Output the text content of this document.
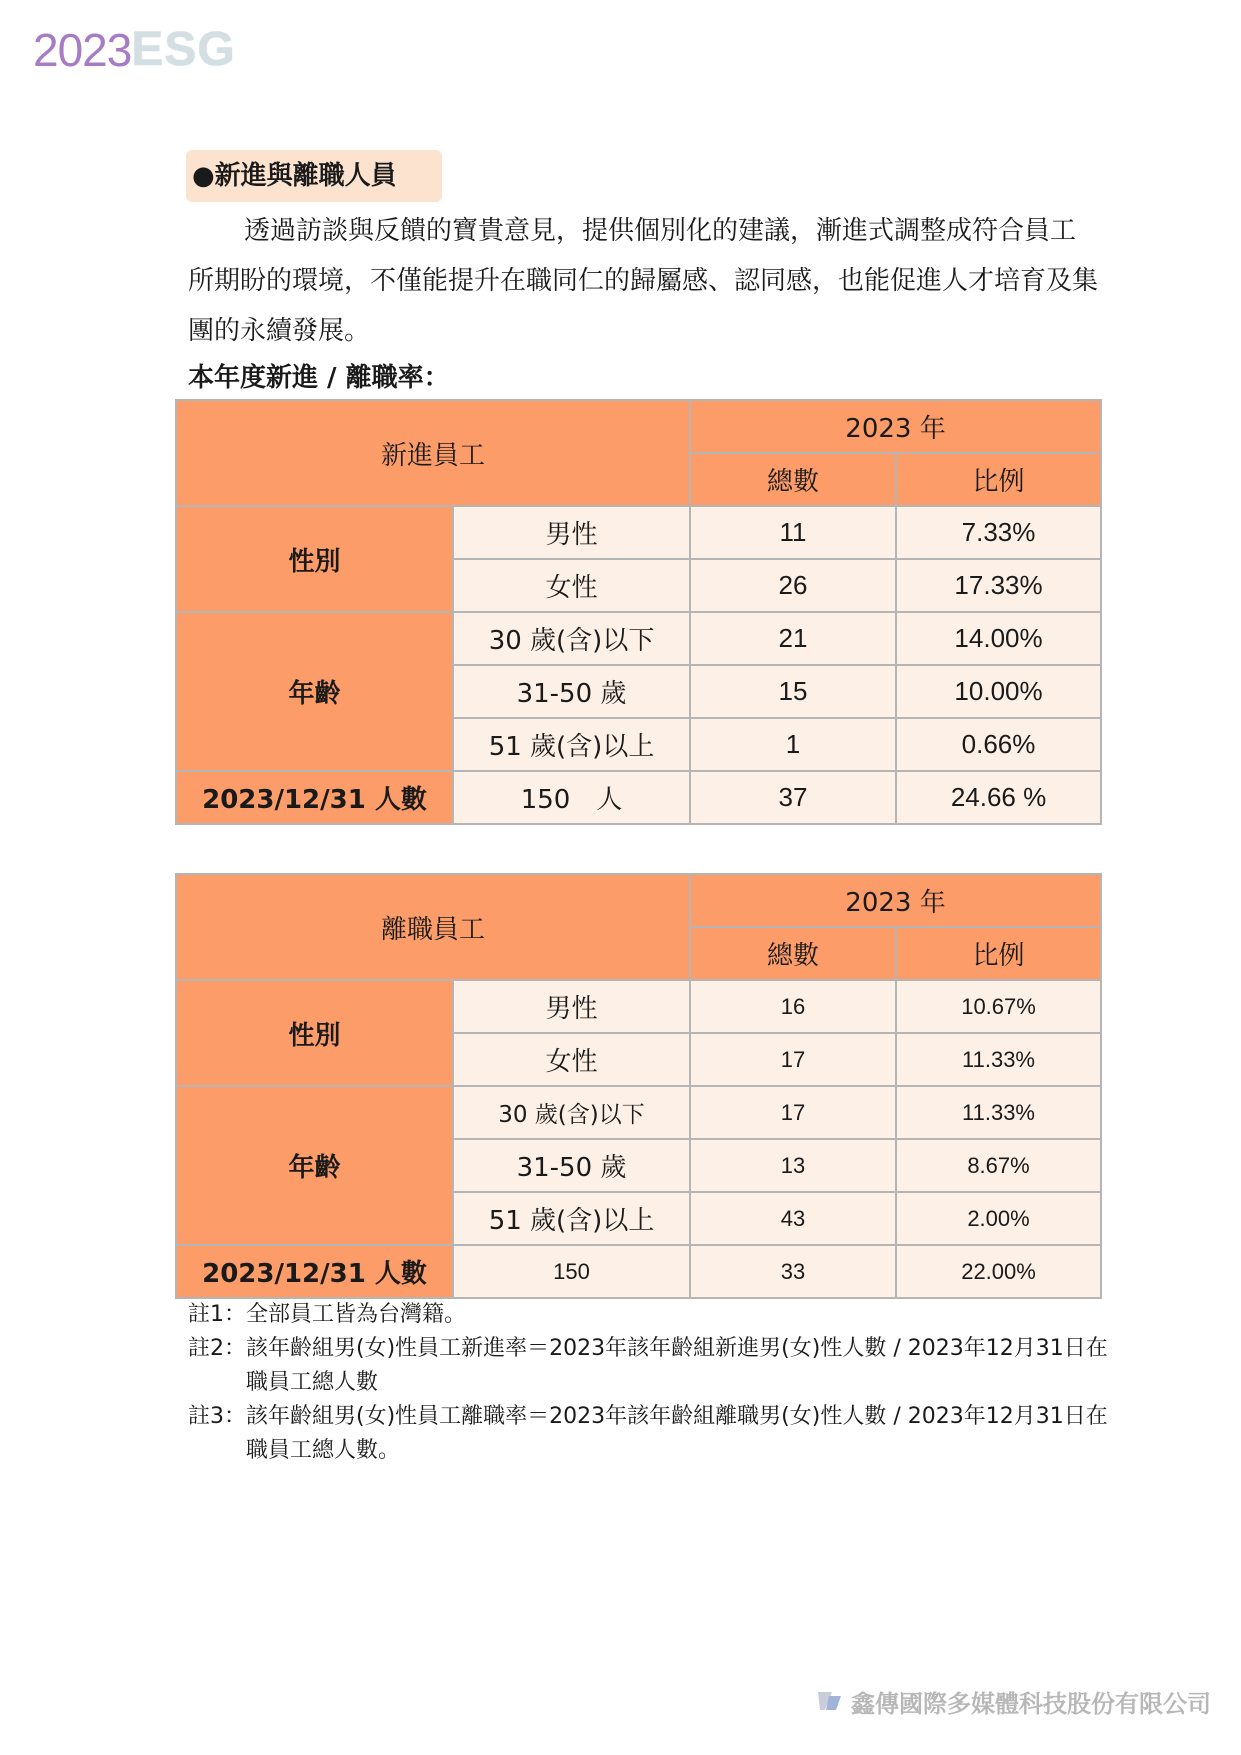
2023 ESG
●新進與離職人員
透過訪談與反饋的寶貴意見，提供個別化的建議，漸進式調整成符合員工所期盼的環境，不僅能提升在職同仁的歸屬感、認同感，也能促進人才培育及集團的永續發展。
本年度新進 / 離職率：
新進員工		2023 年	
		總數	比例
性別	男性	11	7.33%
	女性	26	17.33%
年齡	30 歲(含)以下	21	14.00%
	31-50 歲	15	10.00%
	51 歲(含)以上	1	0.66%
2023/12/31 人數	150　人	37	24.66 %
離職員工		2023 年	
		總數	比例
性別	男性	16	10.67%
	女性	17	11.33%
年齡	30 歲(含)以下	17	11.33%
	31-50 歲	13	8.67%
	51 歲(含)以上	43	2.00%
2023/12/31 人數	150	33	22.00%
註1： 全部員工皆為台灣籍。
註2： 該年齡組男(女)性員工新進率＝2023年該年齡組新進男(女)性人數 / 2023年12月31日在職員工總人數
註3： 該年齡組男(女)性員工離職率＝2023年該年齡組離職男(女)性人數 / 2023年12月31日在職員工總人數。
鑫傳國際多媒體科技股份有限公司
